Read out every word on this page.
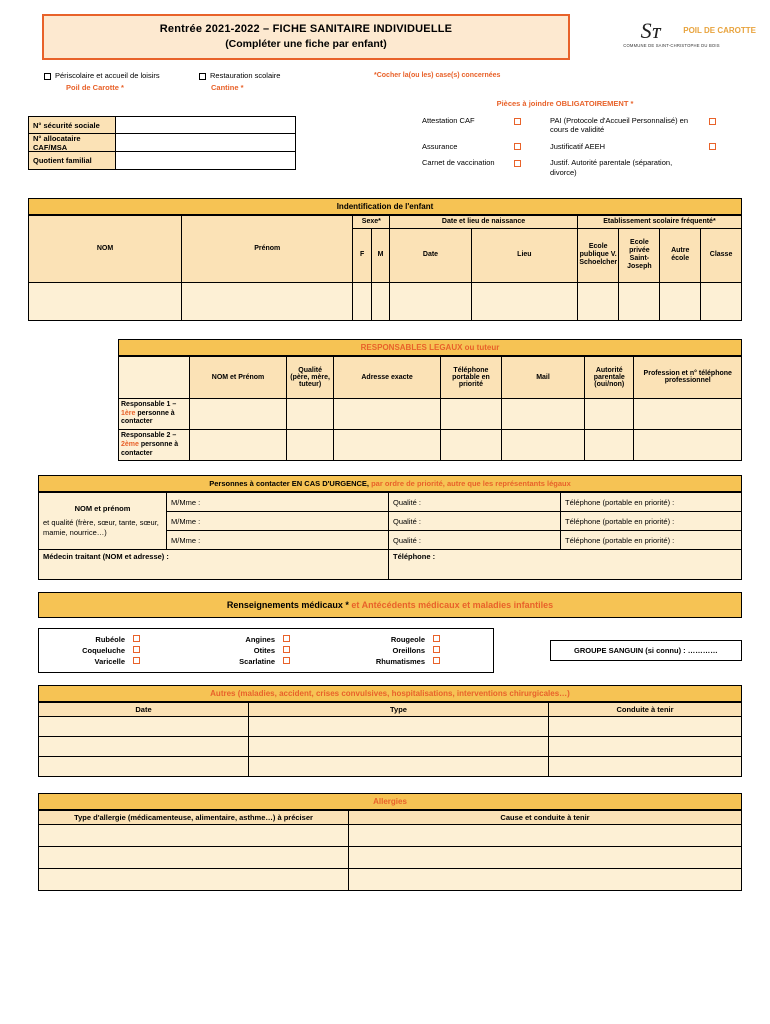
Rentrée 2021-2022 – FICHE SANITAIRE INDIVIDUELLE
(Compléter une fiche par enfant)
Sᴛ
COMMUNE DE SAINT-CHRISTOPHE DU BOIS
POIL DE CAROTTE
Périscolaire et accueil de loisirs
Poil de Carotte *
Restauration scolaire
Cantine *
*Cocher la(ou les) case(s) concernées
Pièces à joindre OBLIGATOIREMENT *
N° sécurité sociale
N° allocataire CAF/MSA
Quotient familial
Attestation CAF	PAI (Protocole d'Accueil Personnalisé) en cours de validité
Assurance	Justificatif AEEH
Carnet de vaccination	Justif. Autorité parentale (séparation, divorce)
Indentification de l'enfant
NOM	Prénom	Sexe*		Date et lieu de naissance		Etablissement scolaire fréquenté*			
		F	M	Date	Lieu	Ecole publique V. Schoelcher	Ecole privée Saint-Joseph	Autre école	Classe

RESPONSABLES LEGAUX ou tuteur
	NOM et Prénom	Qualité (père, mère, tuteur)	Adresse exacte	Téléphone portable en priorité	Mail	Autorité parentale (oui/non)	Profession et n° téléphone professionnel
Responsable 1 – 1ère personne à contacter							
Responsable 2 – 2ème personne à contacter							
Personnes à contacter EN CAS D'URGENCE, par ordre de priorité, autre que les représentants légaux
NOM et prénom
et qualité (frère, sœur, tante, sœur, mamie, nourrice…)	M/Mme :	Qualité :	Téléphone (portable en priorité) :
	M/Mme :	Qualité :	Téléphone (portable en priorité) :
	M/Mme :	Qualité :	Téléphone (portable en priorité) :
Médecin traitant (NOM et adresse) :		Téléphone :	
Renseignements médicaux * et Antécédents médicaux et maladies infantiles
Rubéole	Angines	Rougeole
Coqueluche	Otites	Oreillons
Varicelle	Scarlatine	Rhumatismes
GROUPE SANGUIN (si connu) : …………
Autres (maladies, accident, crises convulsives, hospitalisations, interventions chirurgicales…)
Date	Type	Conduite à tenir

Allergies
Type d'allergie (médicamenteuse, alimentaire, asthme…) à préciser	Cause et conduite à tenir
